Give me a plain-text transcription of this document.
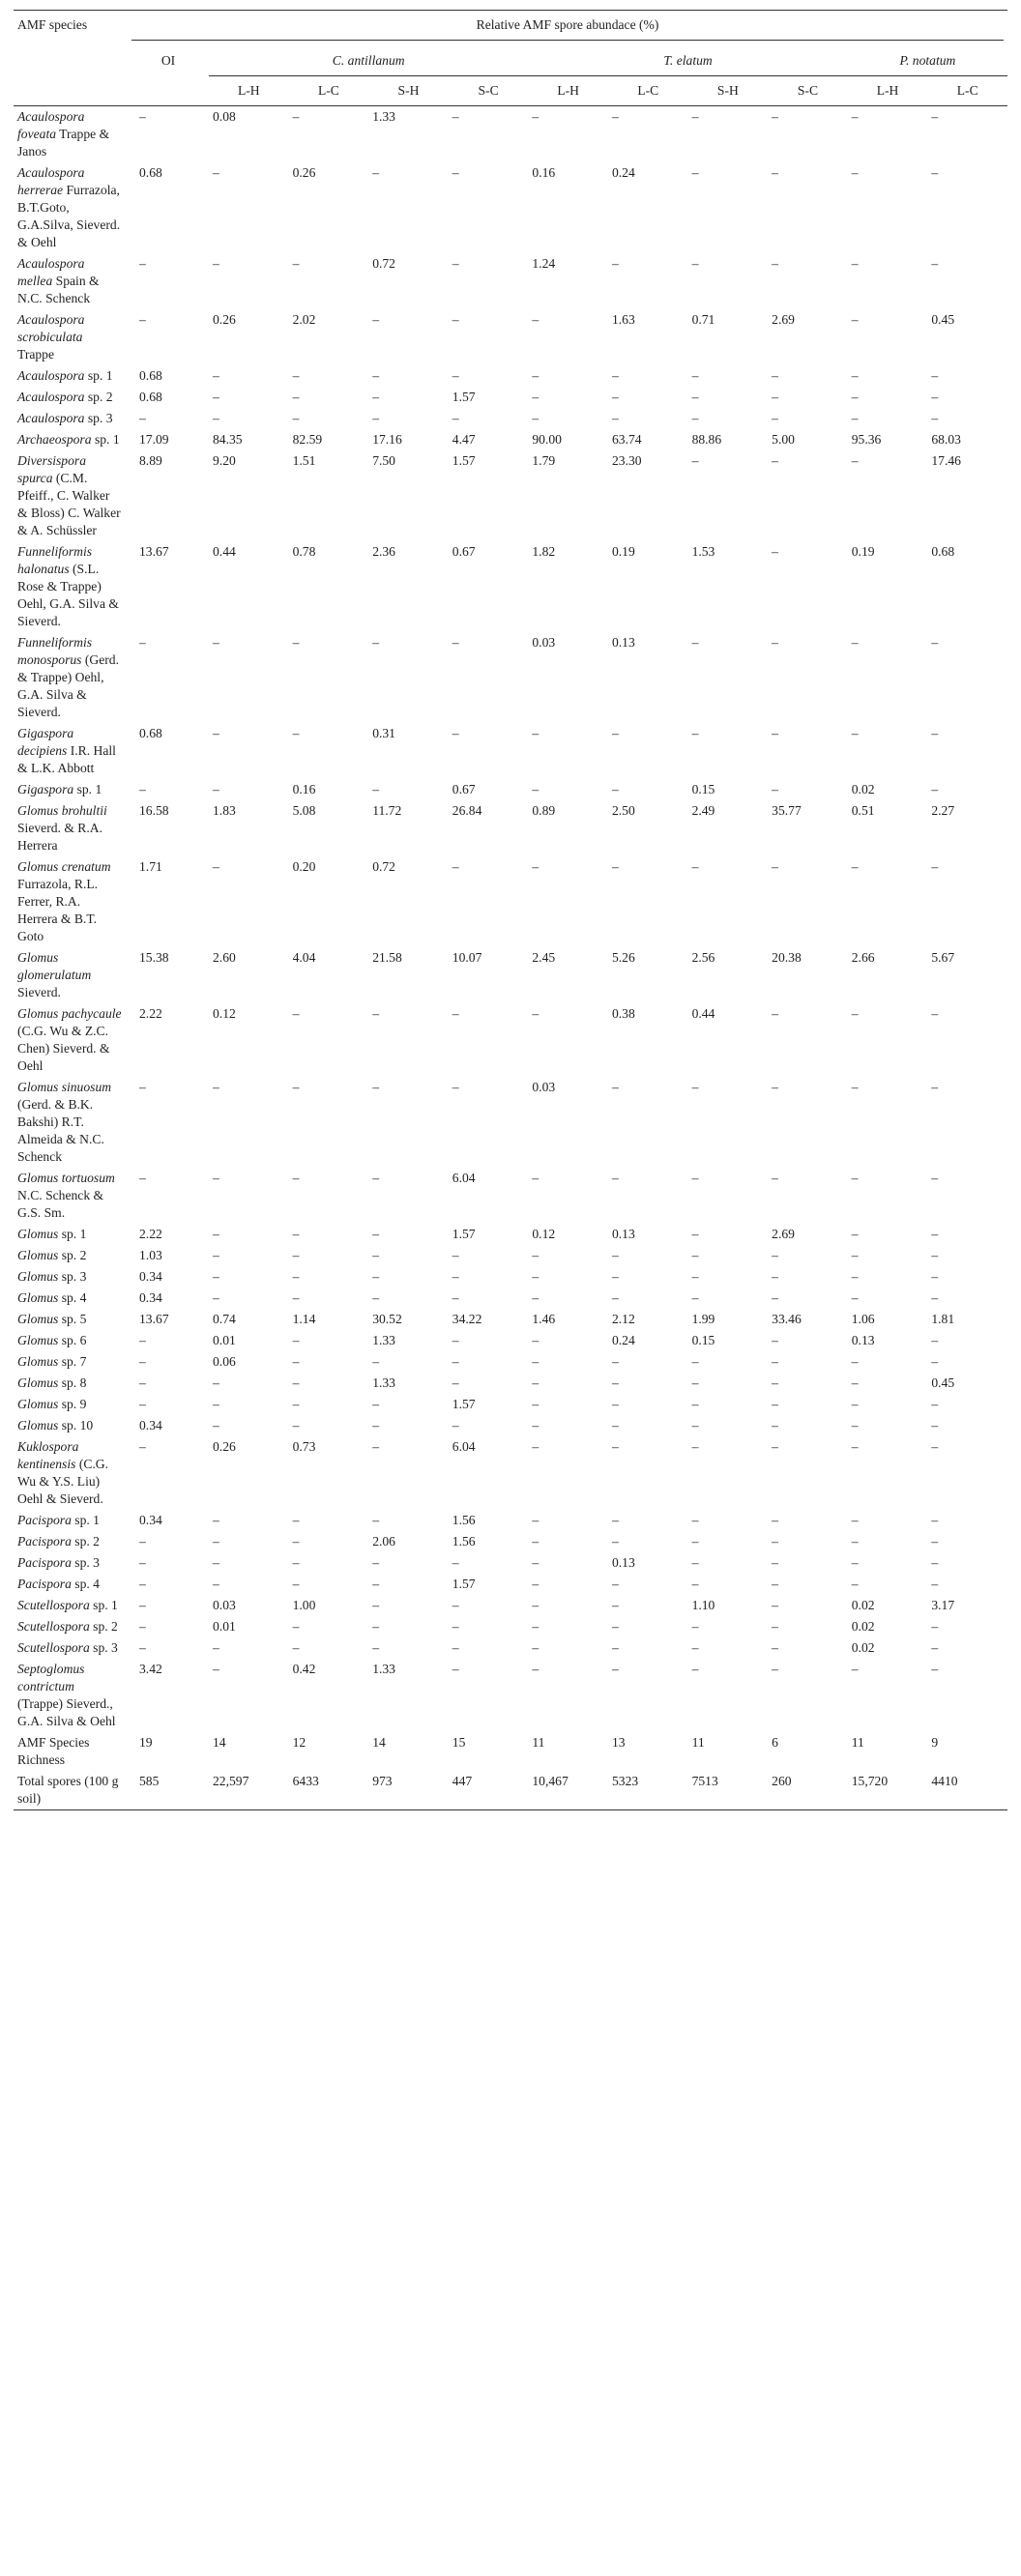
AMF species	Relative AMF spore abundace (%)										

	OI	C. antillanum				T. elatum				P. notatum	
		L-H	L-C	S-H	S-C	L-H	L-C	S-H	S-C	L-H	L-C
Acaulospora foveata Trappe & Janos	–	0.08	–	1.33	–	–	–	–	–	–	–
Acaulospora herrerae Furrazola, B.T.Goto, G.A.Silva, Sieverd. & Oehl	0.68	–	0.26	–	–	0.16	0.24	–	–	–	–
Acaulospora mellea Spain & N.C. Schenck	–	–	–	0.72	–	1.24	–	–	–	–	–
Acaulospora scrobiculata Trappe	–	0.26	2.02	–	–	–	1.63	0.71	2.69	–	0.45
Acaulospora sp. 1	0.68	–	–	–	–	–	–	–	–	–	–
Acaulospora sp. 2	0.68	–	–	–	1.57	–	–	–	–	–	–
Acaulospora sp. 3	–	–	–	–	–	–	–	–	–	–	–
Archaeospora sp. 1	17.09	84.35	82.59	17.16	4.47	90.00	63.74	88.86	5.00	95.36	68.03
Diversispora spurca (C.M. Pfeiff., C. Walker & Bloss) C. Walker & A. Schüssler	8.89	9.20	1.51	7.50	1.57	1.79	23.30	–	–	–	17.46
Funneliformis halonatus (S.L. Rose & Trappe) Oehl, G.A. Silva & Sieverd.	13.67	0.44	0.78	2.36	0.67	1.82	0.19	1.53	–	0.19	0.68
Funneliformis monosporus (Gerd. & Trappe) Oehl, G.A. Silva & Sieverd.	–	–	–	–	–	0.03	0.13	–	–	–	–
Gigaspora decipiens I.R. Hall & L.K. Abbott	0.68	–	–	0.31	–	–	–	–	–	–	–
Gigaspora sp. 1	–	–	0.16	–	0.67	–	–	0.15	–	0.02	–
Glomus brohultii Sieverd. & R.A. Herrera	16.58	1.83	5.08	11.72	26.84	0.89	2.50	2.49	35.77	0.51	2.27
Glomus crenatum Furrazola, R.L. Ferrer, R.A. Herrera & B.T. Goto	1.71	–	0.20	0.72	–	–	–	–	–	–	–
Glomus glomerulatum Sieverd.	15.38	2.60	4.04	21.58	10.07	2.45	5.26	2.56	20.38	2.66	5.67
Glomus pachycaule (C.G. Wu & Z.C. Chen) Sieverd. & Oehl	2.22	0.12	–	–	–	–	0.38	0.44	–	–	–
Glomus sinuosum (Gerd. & B.K. Bakshi) R.T. Almeida & N.C. Schenck	–	–	–	–	–	0.03	–	–	–	–	–
Glomus tortuosum N.C. Schenck & G.S. Sm.	–	–	–	–	6.04	–	–	–	–	–	–
Glomus sp. 1	2.22	–	–	–	1.57	0.12	0.13	–	2.69	–	–
Glomus sp. 2	1.03	–	–	–	–	–	–	–	–	–	–
Glomus sp. 3	0.34	–	–	–	–	–	–	–	–	–	–
Glomus sp. 4	0.34	–	–	–	–	–	–	–	–	–	–
Glomus sp. 5	13.67	0.74	1.14	30.52	34.22	1.46	2.12	1.99	33.46	1.06	1.81
Glomus sp. 6	–	0.01	–	1.33	–	–	0.24	0.15	–	0.13	–
Glomus sp. 7	–	0.06	–	–	–	–	–	–	–	–	–
Glomus sp. 8	–	–	–	1.33	–	–	–	–	–	–	0.45
Glomus sp. 9	–	–	–	–	1.57	–	–	–	–	–	–
Glomus sp. 10	0.34	–	–	–	–	–	–	–	–	–	–
Kuklospora kentinensis (C.G. Wu & Y.S. Liu) Oehl & Sieverd.	–	0.26	0.73	–	6.04	–	–	–	–	–	–
Pacispora sp. 1	0.34	–	–	–	1.56	–	–	–	–	–	–
Pacispora sp. 2	–	–	–	2.06	1.56	–	–	–	–	–	–
Pacispora sp. 3	–	–	–	–	–	–	0.13	–	–	–	–
Pacispora sp. 4	–	–	–	–	1.57	–	–	–	–	–	–
Scutellospora sp. 1	–	0.03	1.00	–	–	–	–	1.10	–	0.02	3.17
Scutellospora sp. 2	–	0.01	–	–	–	–	–	–	–	0.02	–
Scutellospora sp. 3	–	–	–	–	–	–	–	–	–	0.02	–
Septoglomus contrictum (Trappe) Sieverd., G.A. Silva & Oehl	3.42	–	0.42	1.33	–	–	–	–	–	–	–
AMF Species Richness	19	14	12	14	15	11	13	11	6	11	9
Total spores (100 g soil)	585	22,597	6433	973	447	10,467	5323	7513	260	15,720	4410
